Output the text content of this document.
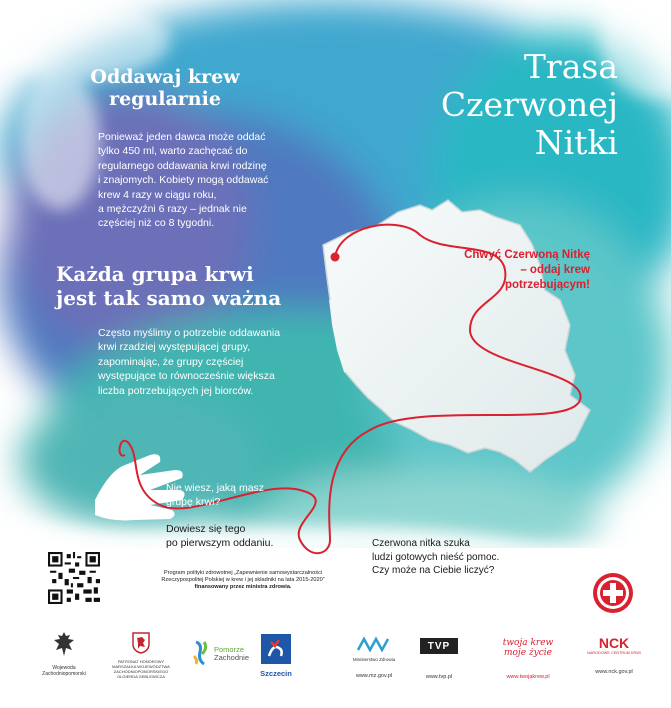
Oddawaj krew
regularnie
Ponieważ jeden dawca może oddać
tylko 450 ml, warto zachęcać do
regularnego oddawania krwi rodzinę
i znajomych. Kobiety mogą oddawać
krew 4 razy w ciągu roku,
a mężczyźni 6 razy – jednak nie
częściej niż co 8 tygodni.
Każda grupa krwi
jest tak samo ważna
Często myślimy o potrzebie oddawania
krwi rzadziej występującej grupy,
zapominając, że grupy częściej
występujące to równocześnie większa
liczba potrzebujących jej biorców.
Trasa
Czerwonej
Nitki
Chwyć Czerwoną Nitkę
– oddaj krew
potrzebującym!
Nie wiesz, jaką masz
grupę krwi?
Dowiesz się tego
po pierwszym oddaniu.	Czerwona nitka szuka
ludzi gotowych nieść pomoc.
Czy może na Ciebie liczyć?
Program polityki zdrowotnej „Zapewnienie samowystarczalności
Rzeczypospolitej Polskiej w krew i jej składniki na lata 2015-2020”
finansowany przez ministra zdrowia.
Wojewoda
Zachodniopomorski
PATRONAT HONOROWY
MARSZAŁKA WOJEWÓDZTWA
ZACHODNIOPOMORSKIEGO
OLGIERDA GEBLEWICZA
Pomorze
Zachodnie
Szczecin
Ministerstwo Zdrowia
www.mz.gov.pl
TVP
www.tvp.pl
twoja krew
moje życie
www.twojakrew.pl
NCK
NARODOWE CENTRUM KRWI
www.nck.gov.pl
